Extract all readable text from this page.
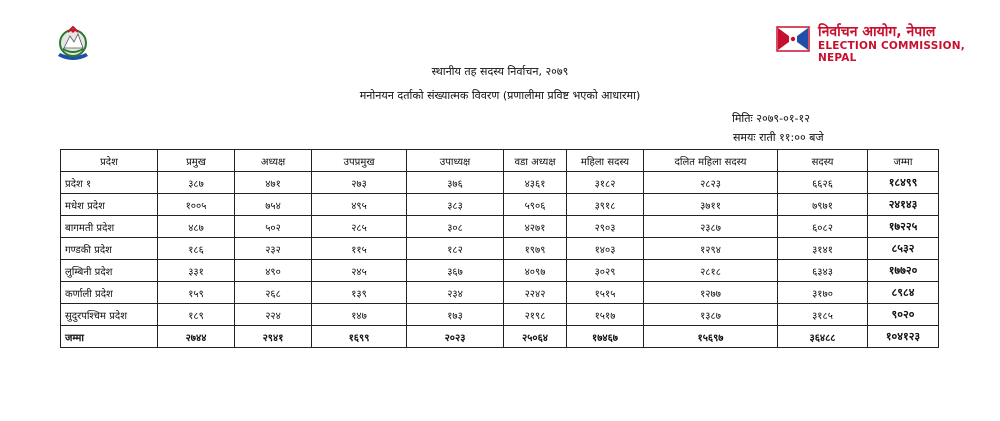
निर्वाचन आयोग, नेपाल
ELECTION COMMISSION, NEPAL
स्थानीय तह सदस्य निर्वाचन, २०७९
मनोनयन दर्ताको संख्यात्मक विवरण (प्रणालीमा प्रविष्ट भएको आधारमा)
मितिः २०७९-०१-१२
समयः राती ११:०० बजे
प्रदेश	प्रमुख	अध्यक्ष	उपप्रमुख	उपाध्यक्ष	वडा अध्यक्ष	महिला सदस्य	दलित महिला सदस्य	सदस्य	जम्मा
प्रदेश १	३८७	४७१	२७३	३७६	४३६१	३१८२	२८२३	६६२६	१८४९९
मधेश प्रदेश	१००५	७५४	४९५	३८३	५९०६	३९१८	३७११	७९७१	२४१४३
बागमती प्रदेश	४८७	५०२	२८५	३०८	४२७१	२९०३	२३८७	६०८२	१७२२५
गण्डकी प्रदेश	१८६	२३२	११५	१८२	१९७९	१४०३	१२९४	३१४१	८५३२
लुम्बिनी प्रदेश	३३१	४९०	२४५	३६७	४०९७	३०२९	२८१८	६३४३	१७७२०
कर्णाली प्रदेश	१५९	२६८	१३९	२३४	२२४२	१५१५	१२७७	३१७०	८९८४
सुदुरपश्चिम प्रदेश	१८९	२२४	१४७	१७३	२१९८	१५१७	१३८७	३१८५	९०२०
जम्मा	२७४४	२९४१	१६९९	२०२३	२५०६४	१७४६७	१५६९७	३६४८८	१०४१२३
